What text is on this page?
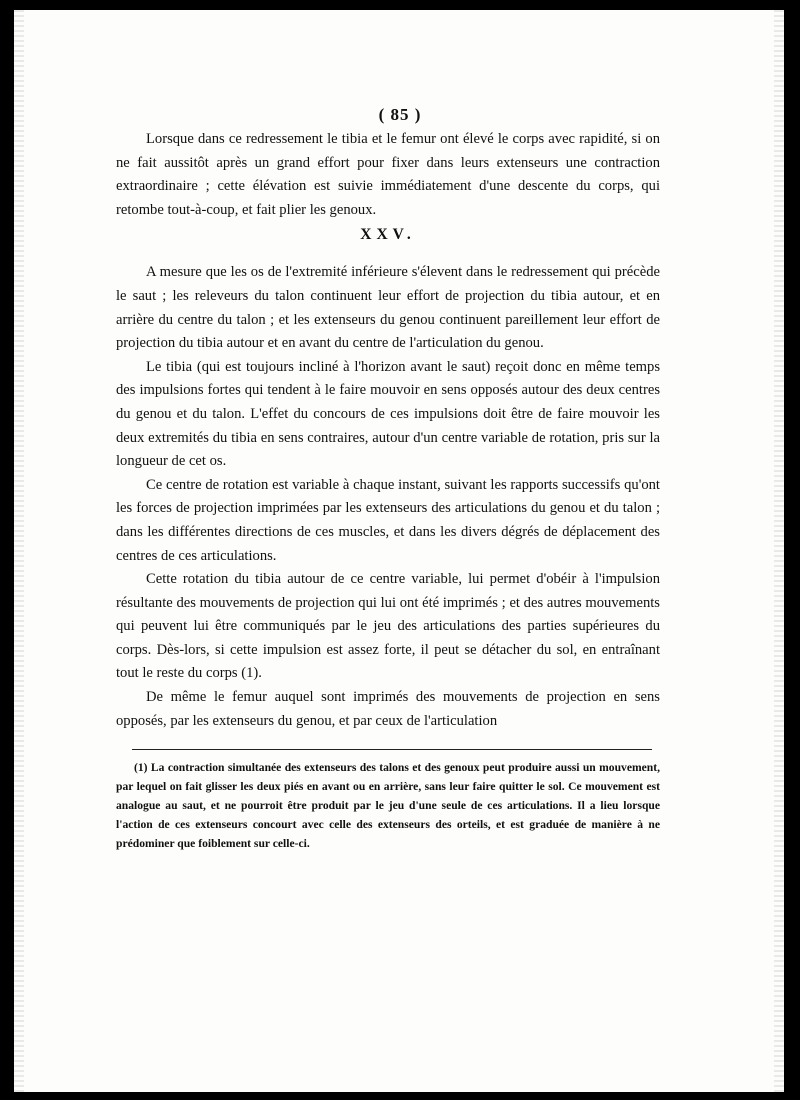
( 85 )

Lorsque dans ce redressement le tibia et le femur ont élevé le corps avec rapidité, si on ne fait aussitôt après un grand effort pour fixer dans leurs extenseurs une contraction extraordinaire ; cette élévation est suivie immédiatement d'une descente du corps, qui retombe tout-à-coup, et fait plier les genoux.

XXV.

A mesure que les os de l'extremité inférieure s'élevent dans le redressement qui précède le saut ; les releveurs du talon continuent leur effort de projection du tibia autour, et en arrière du centre du talon ; et les extenseurs du genou continuent pareillement leur effort de projection du tibia autour et en avant du centre de l'articulation du genou.

Le tibia (qui est toujours incliné à l'horizon avant le saut) reçoit donc en même temps des impulsions fortes qui tendent à le faire mouvoir en sens opposés autour des deux centres du genou et du talon. L'effet du concours de ces impulsions doit être de faire mouvoir les deux extremités du tibia en sens contraires, autour d'un centre variable de rotation, pris sur la longueur de cet os.

Ce centre de rotation est variable à chaque instant, suivant les rapports successifs qu'ont les forces de projection imprimées par les extenseurs des articulations du genou et du talon ; dans les différentes directions de ces muscles, et dans les divers dégrés de déplacement des centres de ces articulations.

Cette rotation du tibia autour de ce centre variable, lui permet d'obéir à l'impulsion résultante des mouvements de projection qui lui ont été imprimés ; et des autres mouvements qui peuvent lui être communiqués par le jeu des articulations des parties supérieures du corps. Dès-lors, si cette impulsion est assez forte, il peut se détacher du sol, en entraînant tout le reste du corps (1).

De même le femur auquel sont imprimés des mouvements de projection en sens opposés, par les extenseurs du genou, et par ceux de l'articulation

(1) La contraction simultanée des extenseurs des talons et des genoux peut produire aussi un mouvement, par lequel on fait glisser les deux piés en avant ou en arrière, sans leur faire quitter le sol. Ce mouvement est analogue au saut, et ne pourroit être produit par le jeu d'une seule de ces articulations. Il a lieu lorsque l'action de ces extenseurs concourt avec celle des extenseurs des orteils, et est graduée de manière à ne prédominer que foiblement sur celle-ci.
